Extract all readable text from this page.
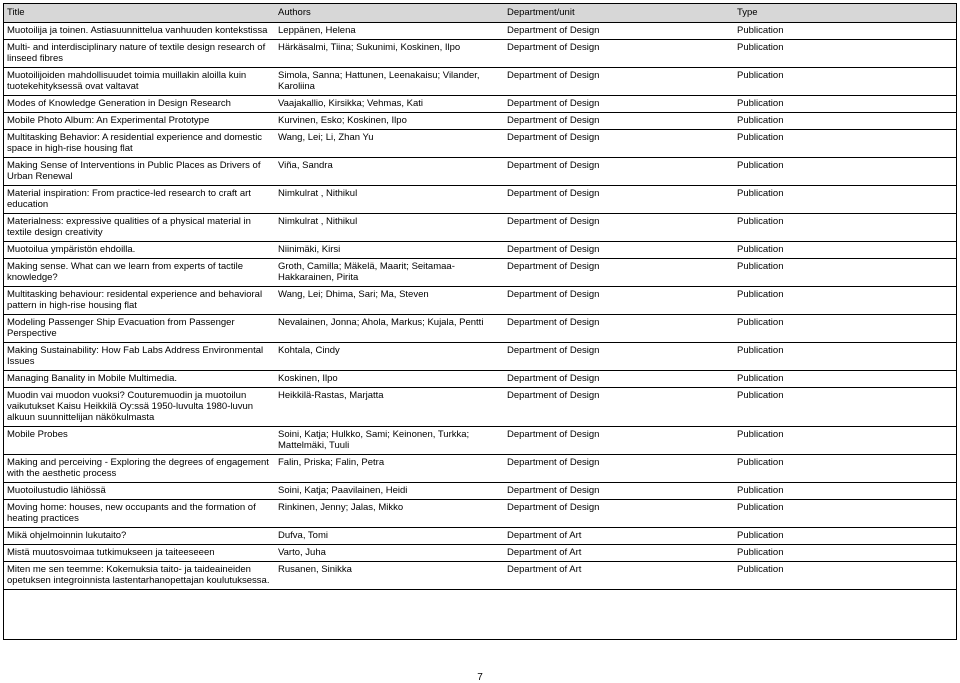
Title	Authors	Department/unit	Type
Muotoilija ja toinen. Astiasuunnittelua vanhuuden kontekstissa	Leppänen, Helena	Department of Design	Publication
Multi- and interdisciplinary nature of textile design research of linseed fibres	Härkäsalmi, Tiina; Sukunimi, Koskinen, Ilpo	Department of Design	Publication
Muotoilijoiden mahdollisuudet toimia muillakin aloilla kuin tuotekehityksessä ovat valtavat	Simola, Sanna; Hattunen, Leenakaisu; Vilander, Karoliina	Department of Design	Publication
Modes of Knowledge Generation in Design Research	Vaajakallio, Kirsikka; Vehmas, Kati	Department of Design	Publication
Mobile Photo Album: An Experimental Prototype	Kurvinen, Esko; Koskinen, Ilpo	Department of Design	Publication
Multitasking Behavior: A residential experience and domestic space in high-rise housing flat	Wang, Lei; Li, Zhan Yu	Department of Design	Publication
Making Sense of Interventions in Public Places as Drivers of Urban Renewal	Viña, Sandra	Department of Design	Publication
Material inspiration: From practice-led research to craft art education	Nimkulrat , Nithikul	Department of Design	Publication
Materialness: expressive qualities of a physical material in textile design creativity	Nimkulrat , Nithikul	Department of Design	Publication
Muotoilua ympäristön ehdoilla.	Niinimäki, Kirsi	Department of Design	Publication
Making sense. What can we learn from experts of tactile knowledge?	Groth, Camilla; Mäkelä, Maarit; Seitamaa-Hakkarainen, Pirita	Department of Design	Publication
Multitasking behaviour: residental experience and behavioral pattern in high-rise housing flat	Wang, Lei; Dhima, Sari; Ma, Steven	Department of Design	Publication
Modeling Passenger Ship Evacuation from Passenger Perspective	Nevalainen, Jonna; Ahola, Markus; Kujala, Pentti	Department of Design	Publication
Making Sustainability: How Fab Labs Address Environmental Issues	Kohtala, Cindy	Department of Design	Publication
Managing Banality in Mobile Multimedia.	Koskinen, Ilpo	Department of Design	Publication
Muodin vai muodon vuoksi? Couturemuodin ja muotoilun vaikutukset Kaisu Heikkilä Oy:ssä 1950-luvulta 1980-luvun alkuun suunnittelijan näkökulmasta	Heikkilä-Rastas, Marjatta	Department of Design	Publication
Mobile Probes	Soini, Katja; Hulkko, Sami; Keinonen, Turkka; Mattelmäki, Tuuli	Department of Design	Publication
Making and perceiving - Exploring the degrees of engagement with the aesthetic process	Falin, Priska; Falin, Petra	Department of Design	Publication
Muotoilustudio lähiössä	Soini, Katja; Paavilainen, Heidi	Department of Design	Publication
Moving home: houses, new occupants and the formation of heating practices	Rinkinen, Jenny; Jalas, Mikko	Department of Design	Publication
Mikä ohjelmoinnin lukutaito?	Dufva, Tomi	Department of Art	Publication
Mistä muutosvoimaa tutkimukseen ja taiteeseeen	Varto, Juha	Department of Art	Publication
Miten me sen teemme: Kokemuksia taito- ja taideaineiden opetuksen integroinnista lastentarhanopettajan koulutuksessa.	Rusanen, Sinikka	Department of Art	Publication
7
